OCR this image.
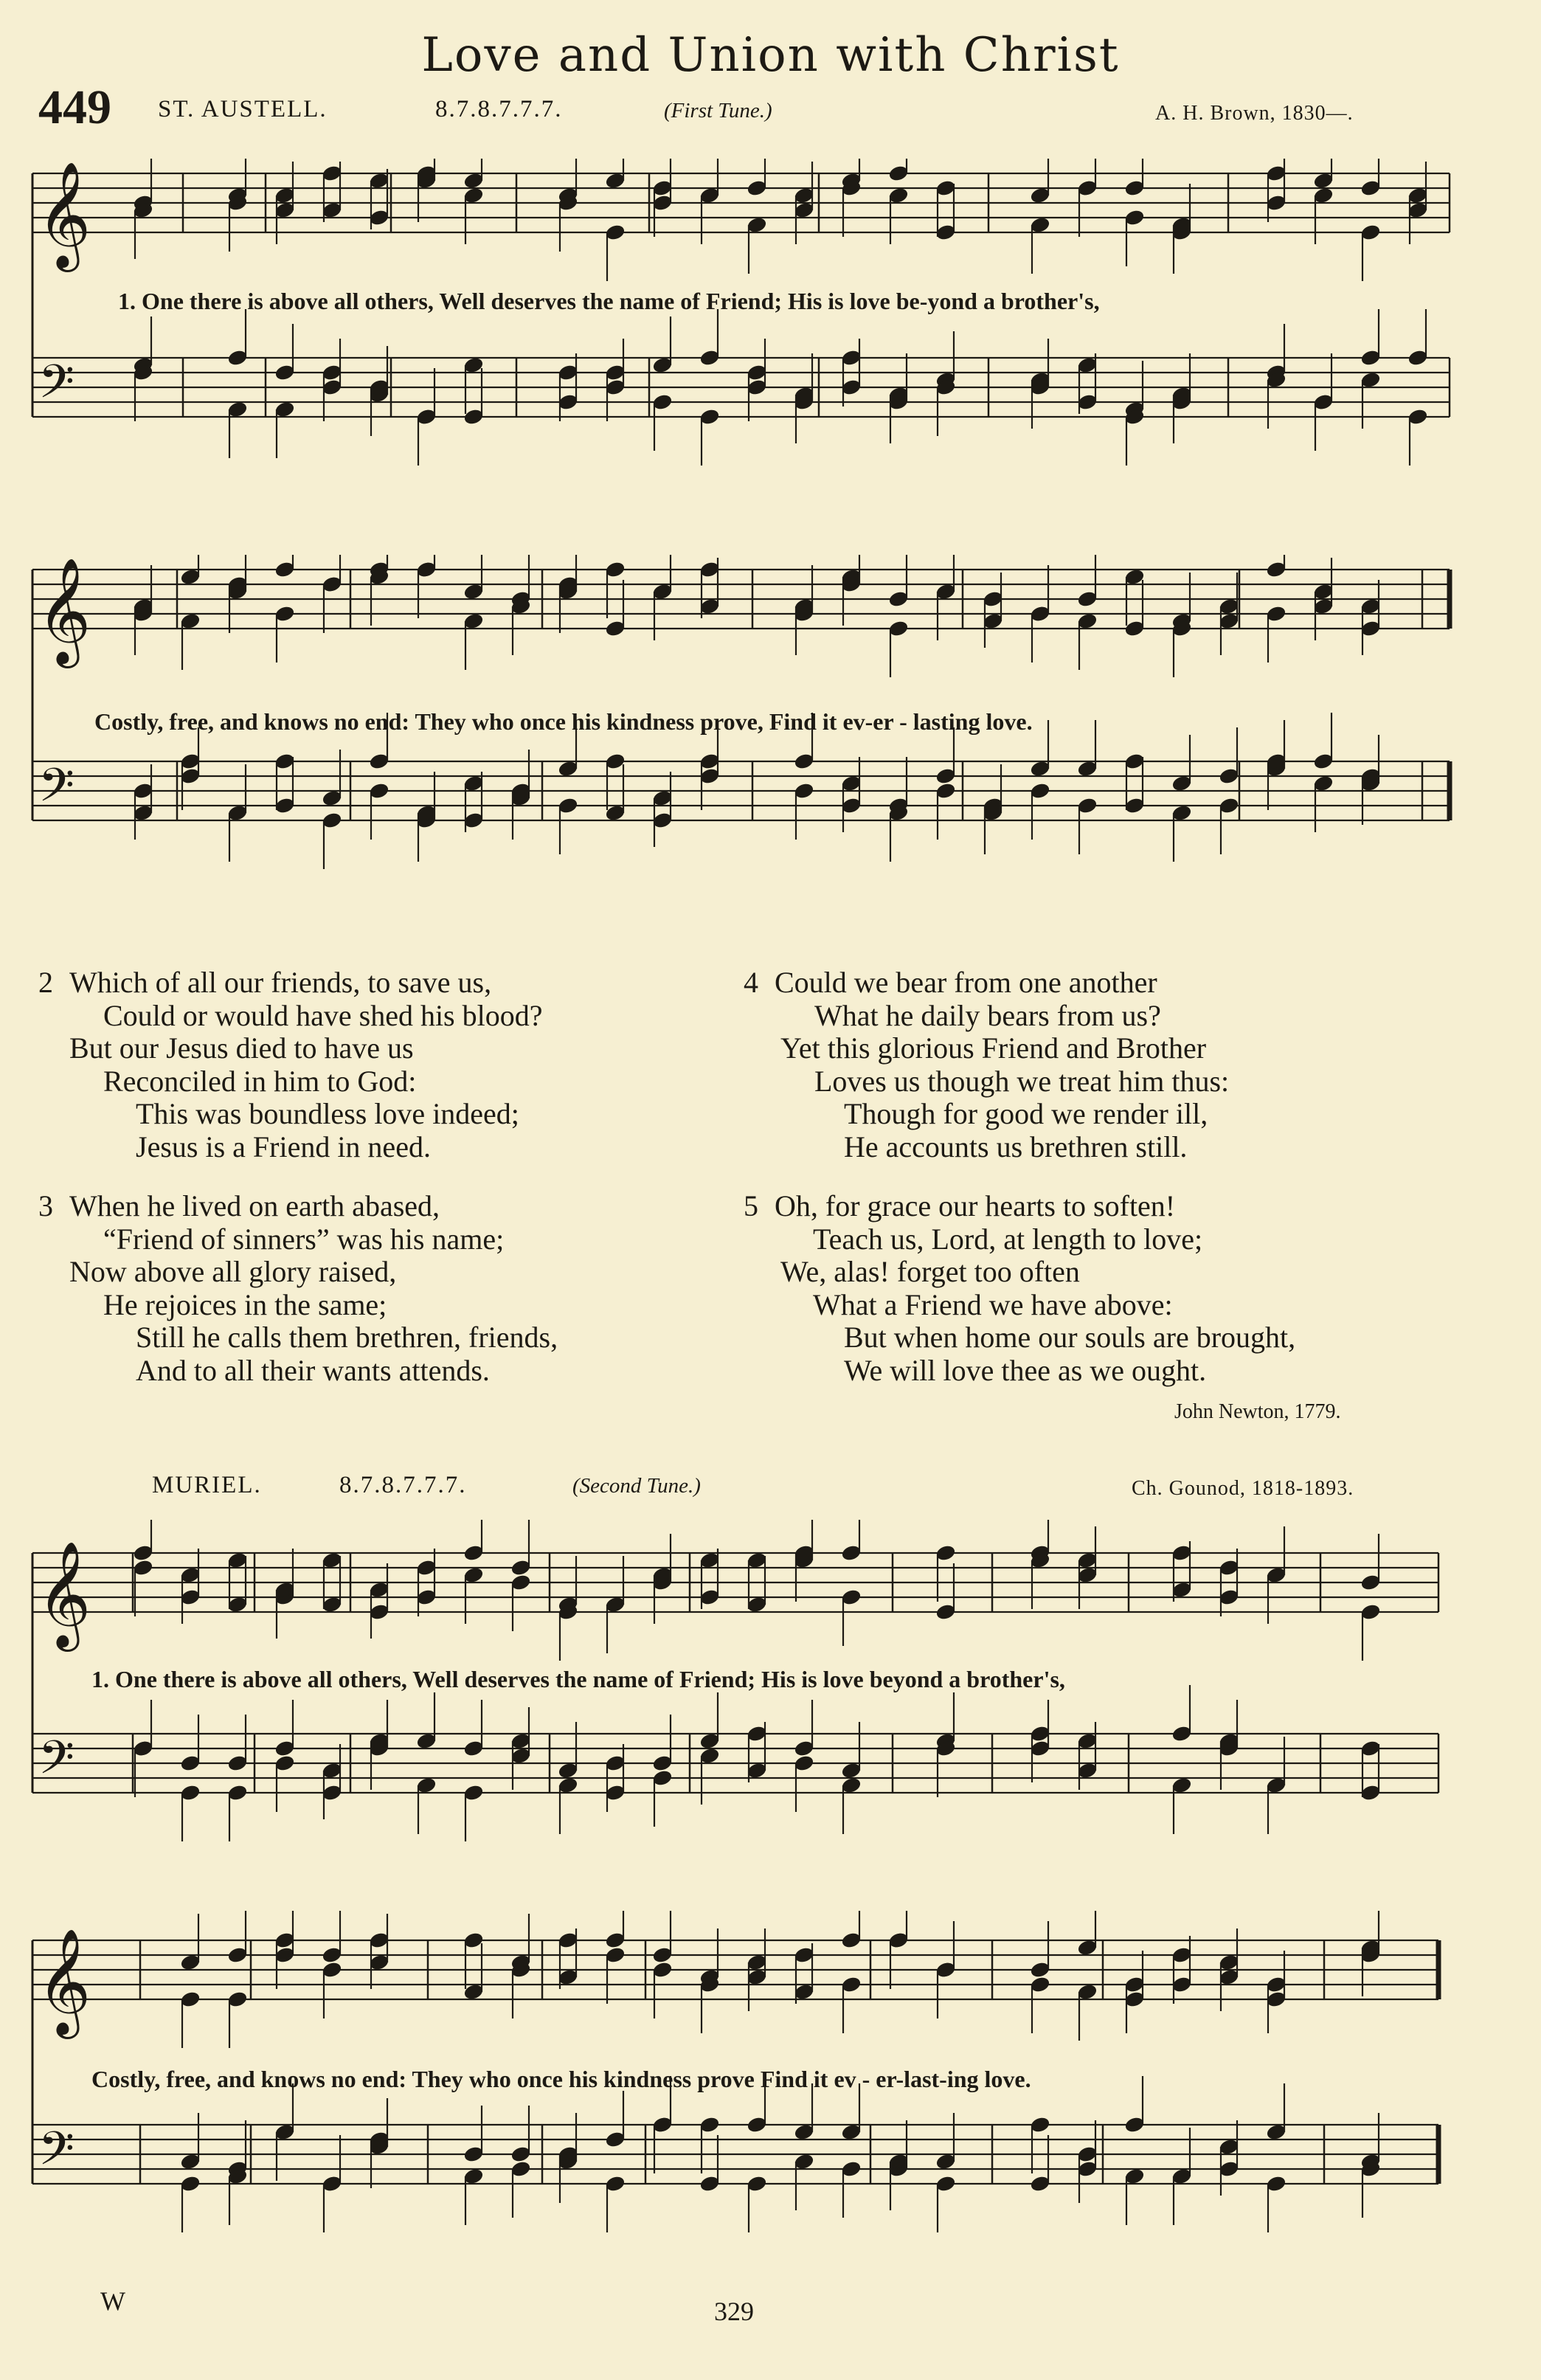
Love and Union with Christ
449 ST. AUSTELL.	8.7.8.7.7.7.	(First Tune.)	A. H. Brown, 1830—.
𝄞
𝄢
1. One there is above all others, Well deserves the name of Friend; His is love be-yond a brother's,
𝄞
𝄢
Costly, free, and knows no end: They who once his kindness prove, Find it ev-er - lasting love.
2 Which of all our friends, to save us,
Could or would have shed his blood?
But our Jesus died to have us
Reconciled in him to God:
This was boundless love indeed;
Jesus is a Friend in need.
3 When he lived on earth abased,
“Friend of sinners” was his name;
Now above all glory raised,
He rejoices in the same;
Still he calls them brethren, friends,
And to all their wants attends.
4 Could we bear from one another
What he daily bears from us?
Yet this glorious Friend and Brother
Loves us though we treat him thus:
Though for good we render ill,
He accounts us brethren still.
5 Oh, for grace our hearts to soften!
Teach us, Lord, at length to love;
We, alas! forget too often
What a Friend we have above:
But when home our souls are brought,
We will love thee as we ought.
John Newton, 1779.
MURIEL.	8.7.8.7.7.7.	(Second Tune.)	Ch. Gounod, 1818-1893.
𝄞
𝄢
1. One there is above all others, Well deserves the name of Friend; His is love beyond a brother's,
𝄞
𝄢
Costly, free, and knows no end: They who once his kindness prove Find it ev - er-last-ing love.
W	329
